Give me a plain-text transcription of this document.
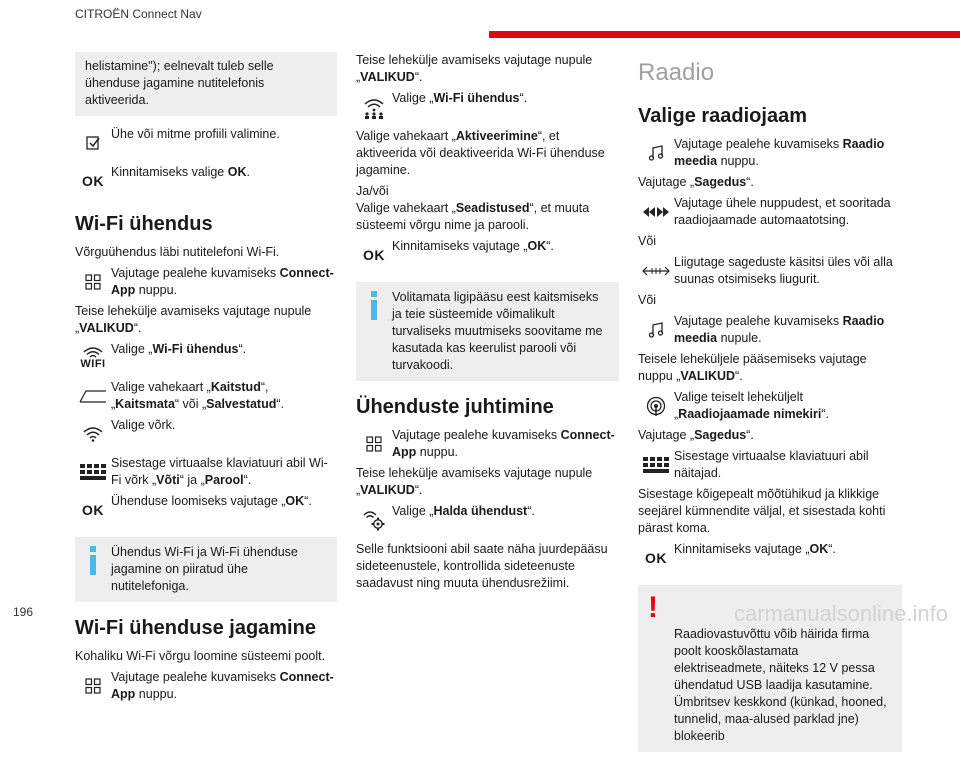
CITROËN Connect Nav
helistamine"); eelnevalt tuleb selle ühenduse jagamine nutitelefonis aktiveerida.
Ühe või mitme profiili valimine.
OK
Kinnitamiseks valige OK.
Wi-Fi ühendus
Võrguühendus läbi nutitelefoni Wi-Fi.
Vajutage pealehe kuvamiseks Connect-App nuppu.
Teise lehekülje avamiseks vajutage nupule „VALIKUD“.
WIFI
Valige „Wi-Fi ühendus“.
Valige vahekaart „Kaitstud“, „Kaitsmata“ või „Salvestatud“.
Valige võrk.
Sisestage virtuaalse klaviatuuri abil Wi-Fi võrk „Võti“ ja „Parool“.
OK
Ühenduse loomiseks vajutage „OK“.
Ühendus Wi-Fi ja Wi-Fi ühenduse jagamine on piiratud ühe nutitelefoniga.
Wi-Fi ühenduse jagamine
Kohaliku Wi-Fi võrgu loomine süsteemi poolt.
Vajutage pealehe kuvamiseks Connect-App nuppu.
Teise lehekülje avamiseks vajutage nupule „VALIKUD“.
Valige „Wi-Fi ühendus“.
Valige vahekaart „Aktiveerimine“, et aktiveerida või deaktiveerida Wi-Fi ühenduse jagamine.
Ja/või
Valige vahekaart „Seadistused“, et muuta süsteemi võrgu nime ja parooli.
OK
Kinnitamiseks vajutage „OK“.
Volitamata ligipääsu eest kaitsmiseks ja teie süsteemide võimalikult turvaliseks muutmiseks soovitame me kasutada kas keerulist parooli või turvakoodi.
Ühenduste juhtimine
Vajutage pealehe kuvamiseks Connect-App nuppu.
Teise lehekülje avamiseks vajutage nupule „VALIKUD“.
Valige „Halda ühendust“.
Selle funktsiooni abil saate näha juurdepääsu sideteenustele, kontrollida sideteenuste saadavust ning muuta ühendusrežiimi.
Raadio
Valige raadiojaam
Vajutage pealehe kuvamiseks Raadio meedia nuppu.
Vajutage „Sagedus“.
Vajutage ühele nuppudest, et sooritada raadiojaamade automaatotsing.
Või
Liigutage sageduste käsitsi üles või alla suunas otsimiseks liugurit.
Või
Vajutage pealehe kuvamiseks Raadio meedia nupule.
Teisele leheküljele pääsemiseks vajutage nuppu „VALIKUD“.
Valige teiselt leheküljelt „Raadiojaamade nimekiri“.
Vajutage „Sagedus“.
Sisestage virtuaalse klaviatuuri abil näitajad.
Sisestage kõigepealt mõõtühikud ja klikkige seejärel kümnendite väljal, et sisestada kohti pärast koma.
OK
Kinnitamiseks vajutage „OK“.

!

Raadiovastuvõttu võib häirida firma poolt kooskõlastamata elektriseadmete, näiteks 12 V pessa ühendatud USB laadija kasutamine.
Ümbritsev keskkond (künkad, hooned, tunnelid, maa-alused parklad jne) blokeerib

196	carmanualsonline.info
